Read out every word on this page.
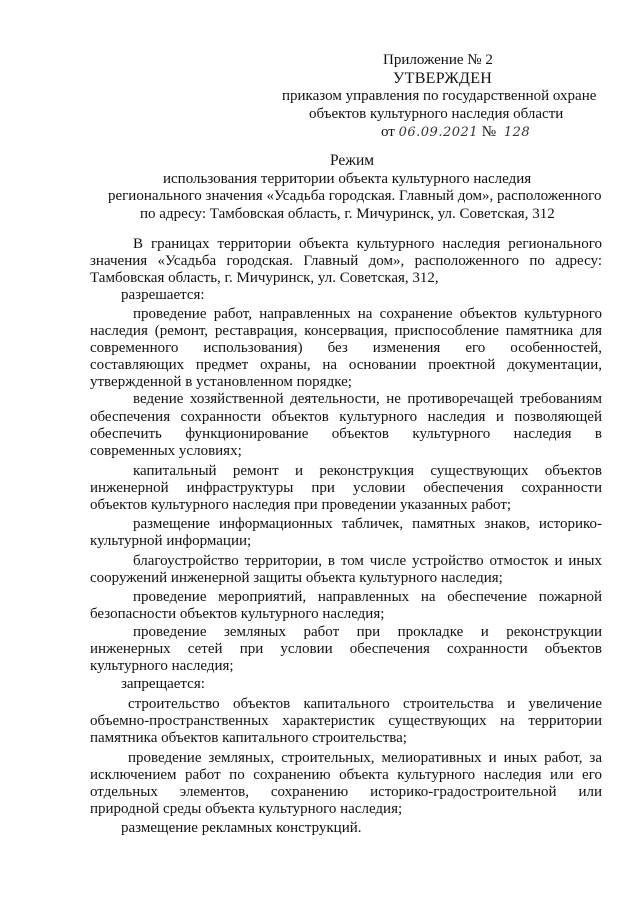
Приложение № 2
УТВЕРЖДЕН
приказом управления по государственной охране
объектов культурного наследия области
от 06.09.2021 № 128
Режим
использования территории объекта культурного наследия
регионального значения «Усадьба городская. Главный дом», расположенного
по адресу: Тамбовская область, г. Мичуринск, ул. Советская, 312
В границах территории объекта культурного наследия регионального
значения «Усадьба городская. Главный дом», расположенного по адресу:
Тамбовская область, г. Мичуринск, ул. Советская, 312,
разрешается:
проведение работ, направленных на сохранение объектов культурного
наследия (ремонт, реставрация, консервация, приспособление памятника для
современного использования) без изменения его особенностей,
составляющих предмет охраны, на основании проектной документации,
утвержденной в установленном порядке;
ведение хозяйственной деятельности, не противоречащей требованиям
обеспечения сохранности объектов культурного наследия и позволяющей
обеспечить функционирование объектов культурного наследия в
современных условиях;
капитальный ремонт и реконструкция существующих объектов
инженерной инфраструктуры при условии обеспечения сохранности
объектов культурного наследия при проведении указанных работ;
размещение информационных табличек, памятных знаков, историко-
культурной информации;
благоустройство территории, в том числе устройство отмосток и иных
сооружений инженерной защиты объекта культурного наследия;
проведение мероприятий, направленных на обеспечение пожарной
безопасности объектов культурного наследия;
проведение земляных работ при прокладке и реконструкции
инженерных сетей при условии обеспечения сохранности объектов
культурного наследия;
запрещается:
строительство объектов капитального строительства и увеличение
объемно-пространственных характеристик существующих на территории
памятника объектов капитального строительства;
проведение земляных, строительных, мелиоративных и иных работ, за
исключением работ по сохранению объекта культурного наследия или его
отдельных элементов, сохранению историко-градостроительной или
природной среды объекта культурного наследия;
размещение рекламных конструкций.
